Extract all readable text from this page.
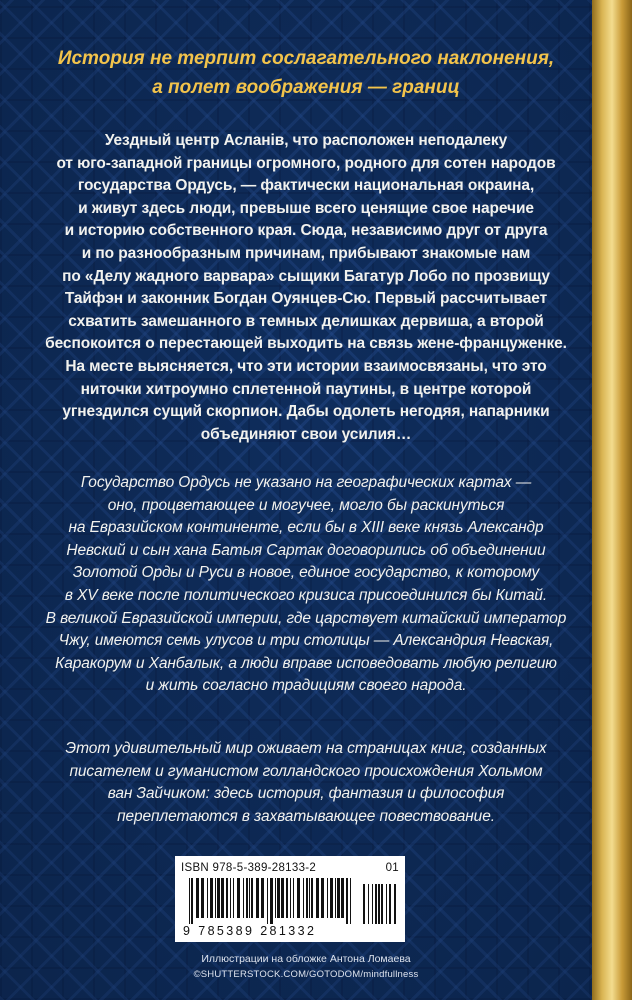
История не терпит сослагательного наклонения,
а полет воображения — границ
Уездный центр Асланiв, что расположен неподалеку
от юго-западной границы огромного, родного для сотен народов
государства Ордусь, — фактически национальная окраина,
и живут здесь люди, превыше всего ценящие свое наречие
и историю собственного края. Сюда, независимо друг от друга
и по разнообразным причинам, прибывают знакомые нам
по «Делу жадного варвара» сыщики Багатур Лобо по прозвищу
Тайфэн и законник Богдан Оуянцев-Сю. Первый рассчитывает
схватить замешанного в темных делишках дервиша, а второй
беспокоится о перестающей выходить на связь жене-француженке.
На месте выясняется, что эти истории взаимосвязаны, что это
ниточки хитроумно сплетенной паутины, в центре которой
угнездился сущий скорпион. Дабы одолеть негодяя, напарники
объединяют свои усилия…
Государство Ордусь не указано на географических картах —
оно, процветающее и могучее, могло бы раскинуться
на Евразийском континенте, если бы в XIII веке князь Александр
Невский и сын хана Батыя Сартак договорились об объединении
Золотой Орды и Руси в новое, единое государство, к которому
в XV веке после политического кризиса присоединился бы Китай.
В великой Евразийской империи, где царствует китайский император
Чжу, имеются семь улусов и три столицы — Александрия Невская,
Каракорум и Ханбалык, а люди вправе исповедовать любую религию
и жить согласно традициям своего народа.
Этот удивительный мир оживает на страницах книг, созданных
писателем и гуманистом голландского происхождения Хольмом
ван Зайчиком: здесь история, фантазия и философия
переплетаются в захватывающее повествование.
Иллюстрации на обложке Антона Ломаева
©SHUTTERSTOCK.COM/GOTODOM/mindfullness
ISBN 978-5-389-28133-2	01
9 785389 281332
